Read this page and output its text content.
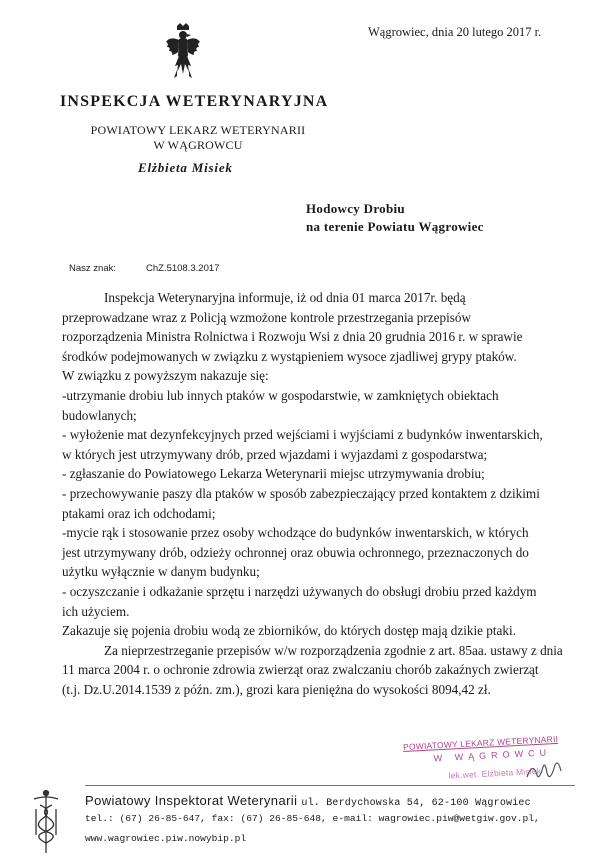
Wągrowiec, dnia 20 lutego 2017 r.
INSPEKCJA WETERYNARYJNA
POWIATOWY LEKARZ WETERYNARII
W WĄGROWCU
Elżbieta Misiek
Hodowcy Drobiu
na terenie Powiatu Wągrowiec
Nasz znak:	ChZ.5108.3.2017
Inspekcja Weterynaryjna informuje, iż od dnia 01 marca 2017r. będą
przeprowadzane wraz z Policją wzmożone kontrole przestrzegania przepisów
rozporządzenia Ministra Rolnictwa i Rozwoju Wsi z dnia 20 grudnia 2016 r. w sprawie
środków podejmowanych w związku z wystąpieniem wysoce zjadliwej grypy ptaków.
W związku z powyższym nakazuje się:
-utrzymanie drobiu lub innych ptaków w gospodarstwie, w zamkniętych obiektach
budowlanych;
- wyłożenie mat dezynfekcyjnych przed wejściami i wyjściami z budynków inwentarskich,
w których jest utrzymywany drób, przed wjazdami i wyjazdami z gospodarstwa;
- zgłaszanie do Powiatowego Lekarza Weterynarii miejsc utrzymywania drobiu;
- przechowywanie paszy dla ptaków w sposób zabezpieczający przed kontaktem z dzikimi
ptakami oraz ich odchodami;
-mycie rąk i stosowanie przez osoby wchodzące do budynków inwentarskich, w których
jest utrzymywany drób, odzieży ochronnej oraz obuwia ochronnego, przeznaczonych do
użytku wyłącznie w danym budynku;
- oczyszczanie i odkażanie sprzętu i narzędzi używanych do obsługi drobiu przed każdym
ich użyciem.
Zakazuje się pojenia drobiu wodą ze zbiorników, do których dostęp mają dzikie ptaki.
Za nieprzestrzeganie przepisów w/w rozporządzenia zgodnie z art. 85aa. ustawy z dnia
11 marca 2004 r. o ochronie zdrowia zwierząt oraz zwalczaniu chorób zakaźnych zwierząt
(t.j. Dz.U.2014.1539 z późn. zm.), grozi kara pieniężna do wysokości 8094,42 zł.
POWIATOWY LEKARZ WETERYNARII
W WĄGROWCU
lek.wet. Elżbieta Misiek
Powiatowy Inspektorat Weterynarii ul. Berdychowska 54, 62-100 Wągrowiec
tel.: (67) 26-85-647, fax: (67) 26-85-648, e-mail: wagrowiec.piw@wetgiw.gov.pl,
www.wagrowiec.piw.nowybip.pl
